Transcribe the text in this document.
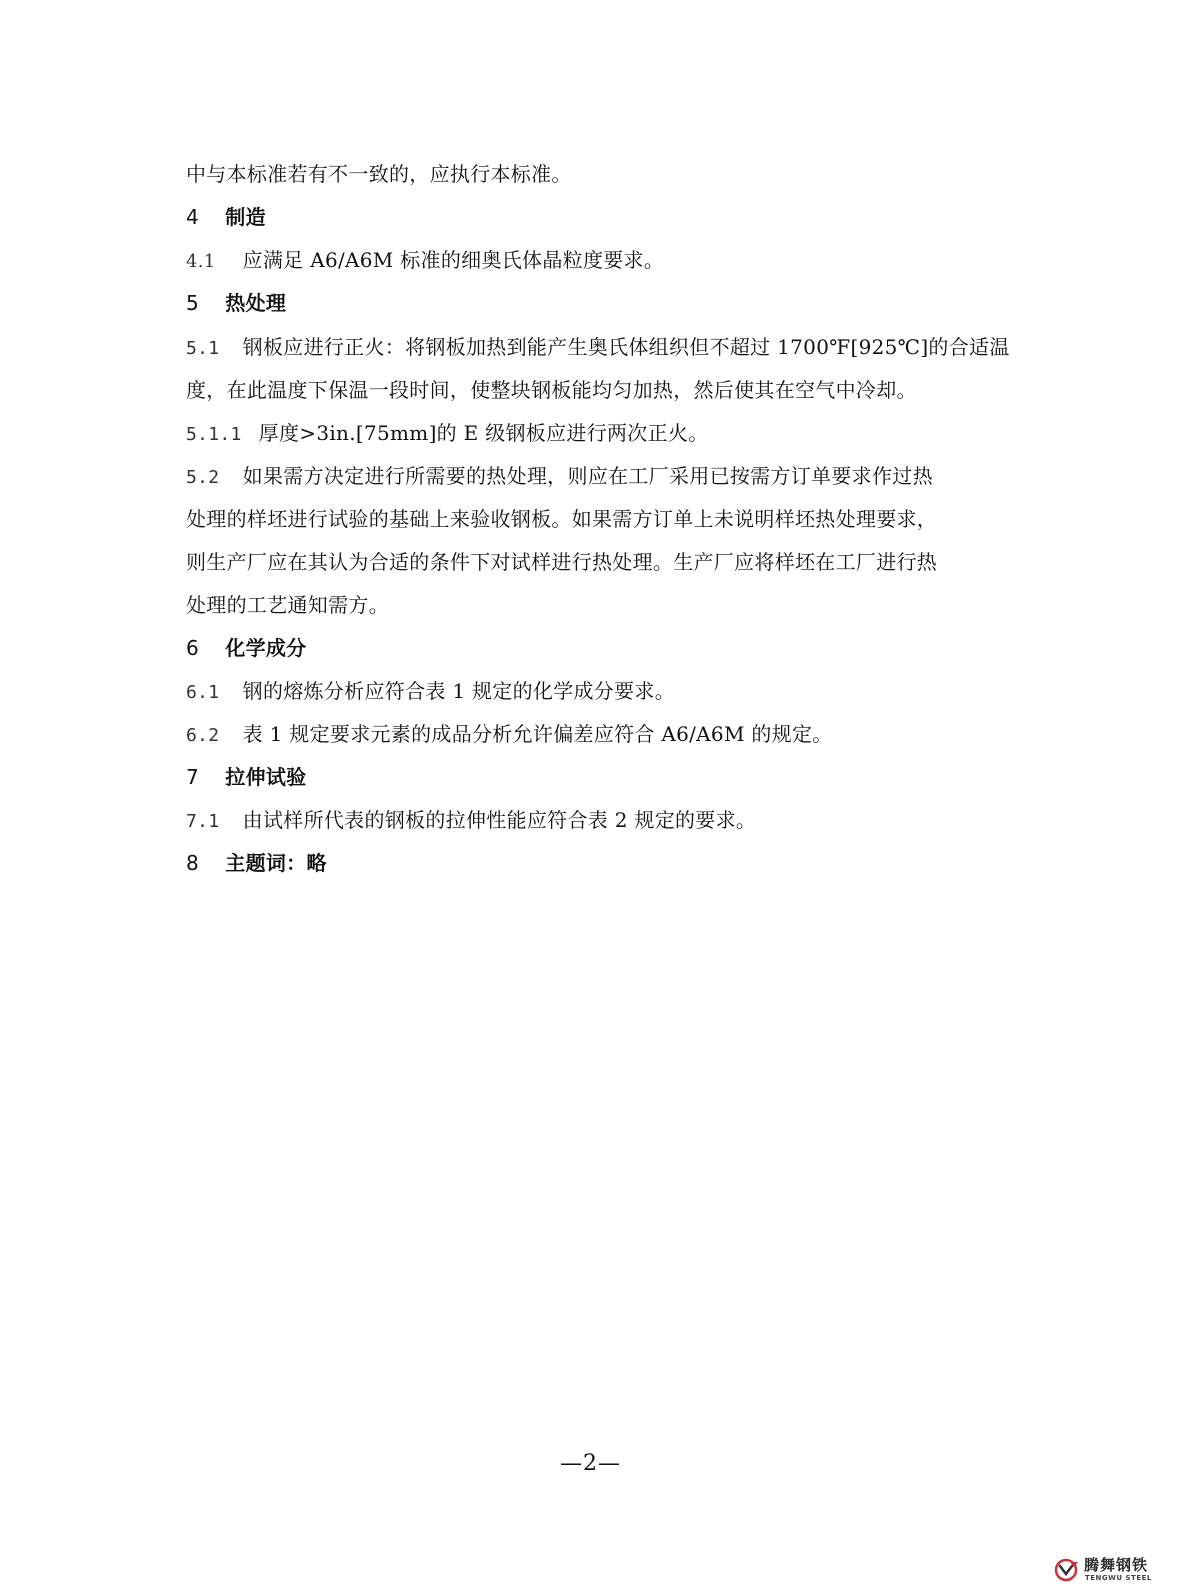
中与本标准若有不一致的，应执行本标准。
4 制造
4.1 应满足 A6/A6M 标准的细奥氏体晶粒度要求。
5 热处理
5.1 钢板应进行正火：将钢板加热到能产生奥氏体组织但不超过 1700℉[925℃]的合适温
度，在此温度下保温一段时间，使整块钢板能均匀加热，然后使其在空气中冷却。
5.1.1 厚度>3in.[75mm]的 E 级钢板应进行两次正火。
5.2 如果需方决定进行所需要的热处理，则应在工厂采用已按需方订单要求作过热
处理的样坯进行试验的基础上来验收钢板。如果需方订单上未说明样坯热处理要求，
则生产厂应在其认为合适的条件下对试样进行热处理。生产厂应将样坯在工厂进行热
处理的工艺通知需方。
6 化学成分
6.1 钢的熔炼分析应符合表 1 规定的化学成分要求。
6.2 表 1 规定要求元素的成品分析允许偏差应符合 A6/A6M 的规定。
7 拉伸试验
7.1 由试样所代表的钢板的拉伸性能应符合表 2 规定的要求。
8 主题词：略
—2—
腾舞钢铁
TENGWU STEEL
